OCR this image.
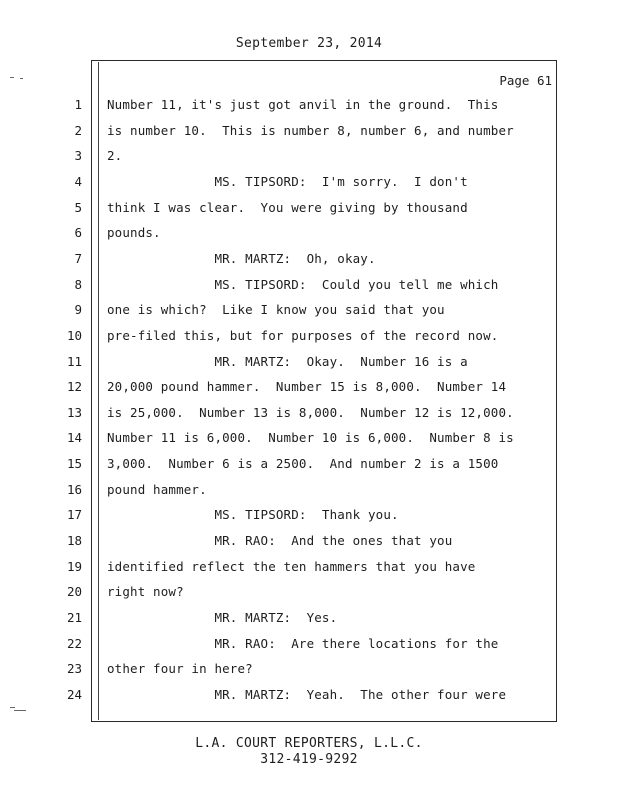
September 23, 2014
Page 61
1 Number 11, it's just got anvil in the ground.  This
2 is number 10.  This is number 8, number 6, and number
3 2.
4 MS. TIPSORD:  I'm sorry.  I don't
5 think I was clear.  You were giving by thousand
6 pounds.
7 MR. MARTZ:  Oh, okay.
8 MS. TIPSORD:  Could you tell me which
9 one is which?  Like I know you said that you
10 pre-filed this, but for purposes of the record now.
11 MR. MARTZ:  Okay.  Number 16 is a
12 20,000 pound hammer.  Number 15 is 8,000.  Number 14
13 is 25,000.  Number 13 is 8,000.  Number 12 is 12,000.
14 Number 11 is 6,000.  Number 10 is 6,000.  Number 8 is
15 3,000.  Number 6 is a 2500.  And number 2 is a 1500
16 pound hammer.
17 MS. TIPSORD:  Thank you.
18 MR. RAO:  And the ones that you
19 identified reflect the ten hammers that you have
20 right now?
21 MR. MARTZ:  Yes.
22 MR. RAO:  Are there locations for the
23 other four in here?
24 MR. MARTZ:  Yeah.  The other four were
L.A. COURT REPORTERS, L.L.C.
312-419-9292
